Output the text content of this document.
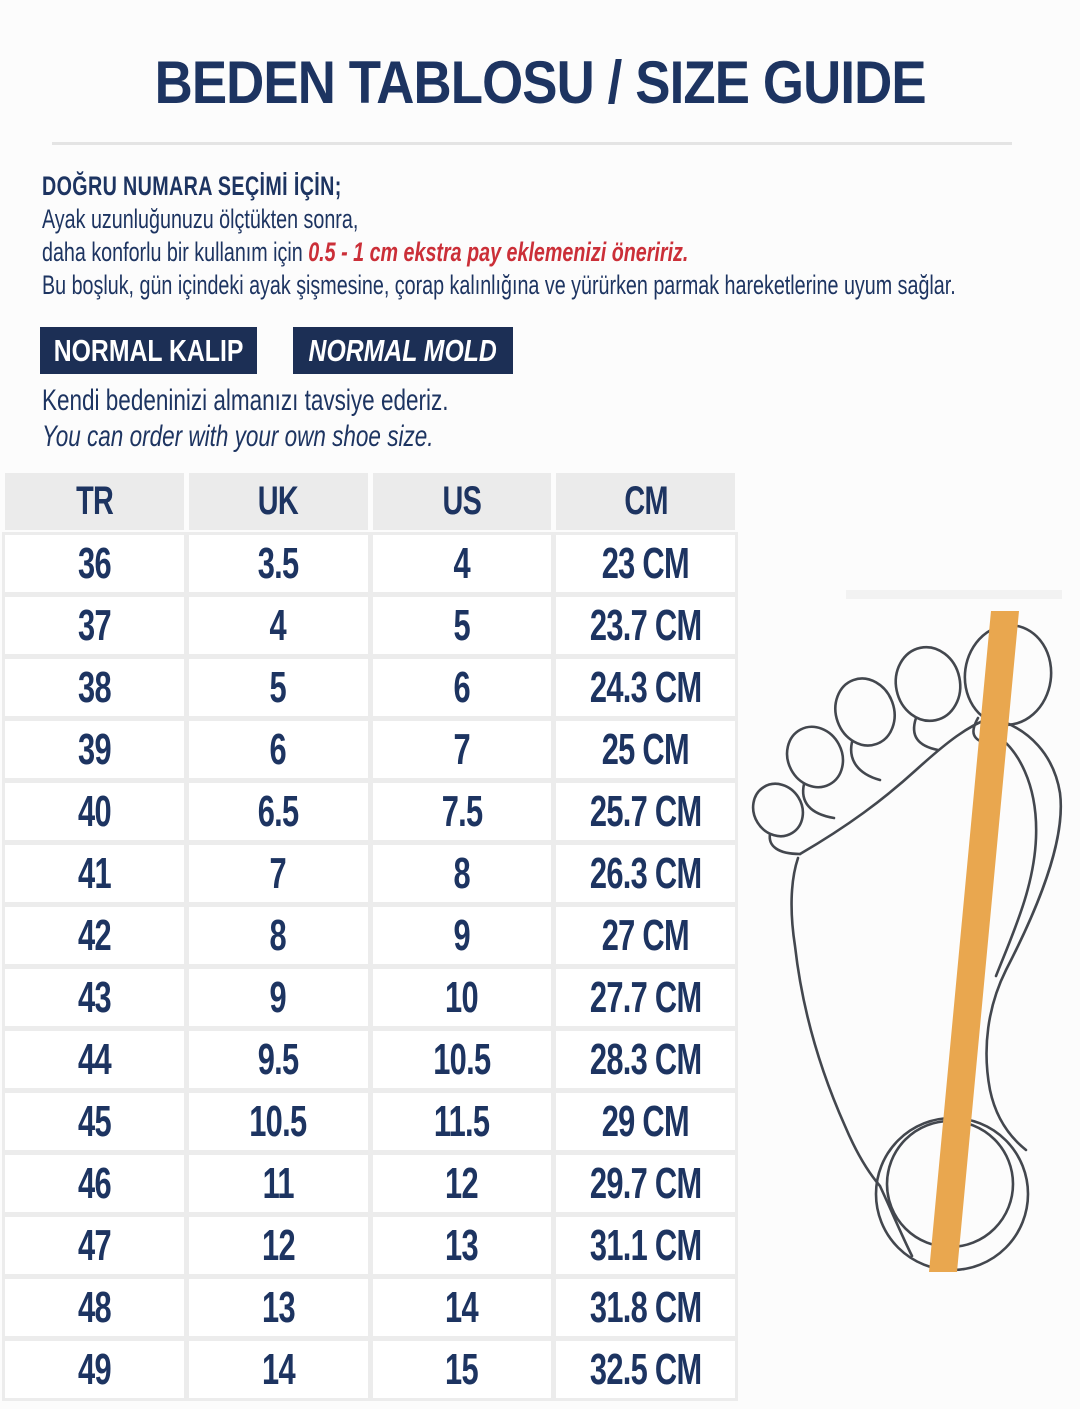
BEDEN TABLOSU / SIZE GUIDE
DOĞRU NUMARA SEÇİMİ İÇİN;
Ayak uzunluğunuzu ölçtükten sonra,
daha konforlu bir kullanım için 0.5 - 1 cm ekstra pay eklemenizi öneririz.
Bu boşluk, gün içindeki ayak şişmesine, çorap kalınlığına ve yürürken parmak hareketlerine uyum sağlar.
NORMAL KALIP NORMAL MOLD
Kendi bedeninizi almanızı tavsiye ederiz.
You can order with your own shoe size.
TR	UK	US	CM
36	3.5	4	23 CM
37	4	5	23.7 CM
38	5	6	24.3 CM
39	6	7	25 CM
40	6.5	7.5	25.7 CM
41	7	8	26.3 CM
42	8	9	27 CM
43	9	10	27.7 CM
44	9.5	10.5	28.3 CM
45	10.5	11.5	29 CM
46	11	12	29.7 CM
47	12	13	31.1 CM
48	13	14	31.8 CM
49	14	15	32.5 CM
